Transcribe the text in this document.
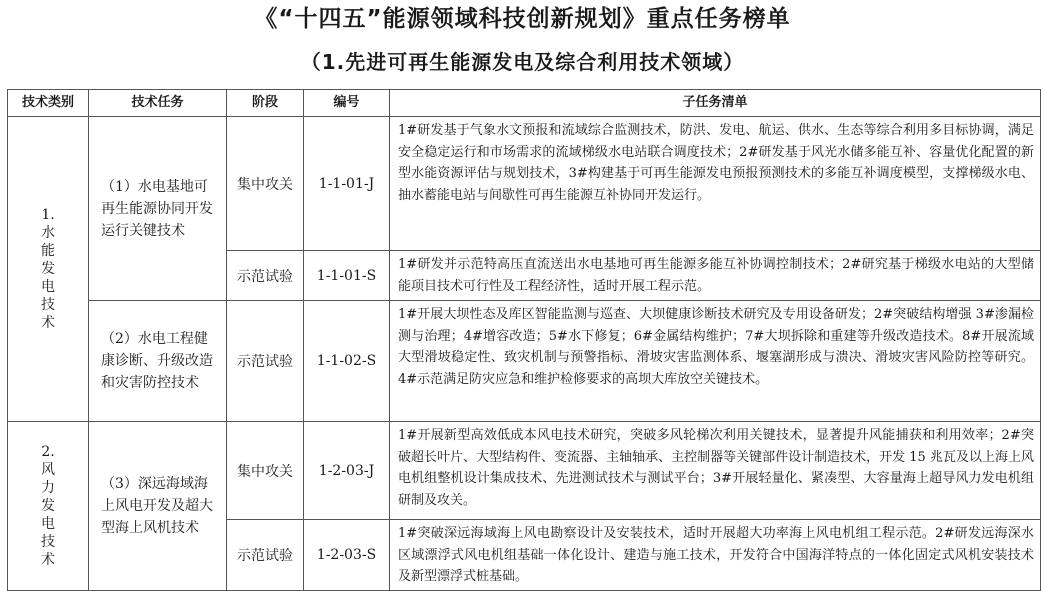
《“十四五”能源领域科技创新规划》重点任务榜单
（1.先进可再生能源发电及综合利用技术领域）
技术类别	技术任务	阶段	编号	子任务清单
1.水能发电技术	（1）水电基地可再生能源协同开发运行关键技术	集中攻关	1-1-01-J	1#研发基于气象水文预报和流域综合监测技术，防洪、发电、航运、供水、生态等综合利用多目标协调，满足安全稳定运行和市场需求的流域梯级水电站联合调度技术；2#研发基于风光水储多能互补、容量优化配置的新型水能资源评估与规划技术，3#构建基于可再生能源发电预报预测技术的多能互补调度模型，支撑梯级水电、抽水蓄能电站与间歇性可再生能源互补协同开发运行。
		示范试验	1-1-01-S	1#研发并示范特高压直流送出水电基地可再生能源多能互补协调控制技术；2#研究基于梯级水电站的大型储能项目技术可行性及工程经济性，适时开展工程示范。
	（2）水电工程健康诊断、升级改造和灾害防控技术	示范试验	1-1-02-S	1#开展大坝性态及库区智能监测与巡查、大坝健康诊断技术研究及专用设备研发；2#突破结构增强 3#渗漏检测与治理；4#增容改造；5#水下修复；6#金属结构维护；7#大坝拆除和重建等升级改造技术。8#开展流域大型滑坡稳定性、致灾机制与预警指标、滑坡灾害监测体系、堰塞湖形成与溃决、滑坡灾害风险防控等研究。4#示范满足防灾应急和维护检修要求的高坝大库放空关键技术。
2.风力发电技术	（3）深远海域海上风电开发及超大型海上风机技术	集中攻关	1-2-03-J	1#开展新型高效低成本风电技术研究，突破多风轮梯次利用关键技术，显著提升风能捕获和利用效率；2#突破超长叶片、大型结构件、变流器、主轴轴承、主控制器等关键部件设计制造技术，开发 15 兆瓦及以上海上风电机组整机设计集成技术、先进测试技术与测试平台；3#开展轻量化、紧凑型、大容量海上超导风力发电机组研制及攻关。
		示范试验	1-2-03-S	1#突破深远海域海上风电勘察设计及安装技术，适时开展超大功率海上风电机组工程示范。2#研发远海深水区域漂浮式风电机组基础一体化设计、建造与施工技术，开发符合中国海洋特点的一体化固定式风机安装技术及新型漂浮式桩基础。
